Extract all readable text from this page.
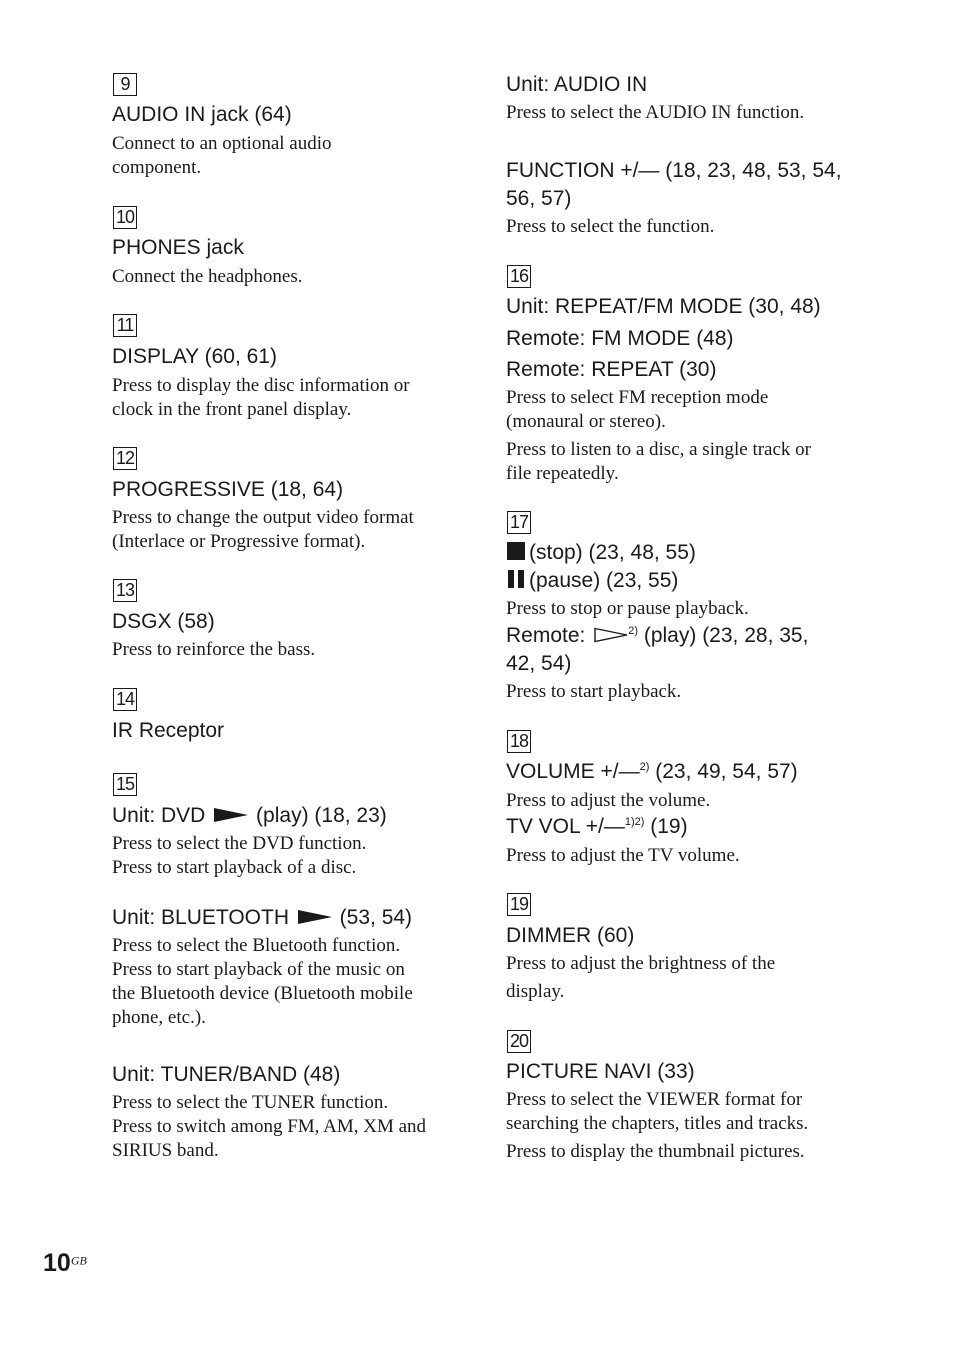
9
AUDIO IN jack (64)
Connect to an optional audio
component.
10
PHONES jack
Connect the headphones.
11
DISPLAY (60, 61)
Press to display the disc information or
clock in the front panel display.
12
PROGRESSIVE (18, 64)
Press to change the output video format
(Interlace or Progressive format).
13
DSGX (58)
Press to reinforce the bass.
14
IR Receptor
15
Unit: DVD (play) (18, 23)
Press to select the DVD function.
Press to start playback of a disc.
Unit: BLUETOOTH (53, 54)
Press to select the Bluetooth function.
Press to start playback of the music on
the Bluetooth device (Bluetooth mobile
phone, etc.).
Unit: TUNER/BAND (48)
Press to select the TUNER function.
Press to switch among FM, AM, XM and
SIRIUS band.
Unit: AUDIO IN
Press to select the AUDIO IN function.
FUNCTION +/— (18, 23, 48, 53, 54,
56, 57)
Press to select the function.
16
Unit: REPEAT/FM MODE (30, 48)
Remote: FM MODE (48)
Remote: REPEAT (30)
Press to select FM reception mode
(monaural or stereo).
Press to listen to a disc, a single track or
file repeatedly.
17
(stop) (23, 48, 55)
(pause) (23, 55)
Press to stop or pause playback.
Remote:	$^{2)}$ (play) (23, 28, 35,
42, 54)
Press to start playback.
18
VOLUME +/—$^{2)}$ (23, 49, 54, 57)
Press to adjust the volume.
TV VOL +/—$^{1)2)}$ (19)
Press to adjust the TV volume.
19
DIMMER (60)
Press to adjust the brightness of the
display.
20
PICTURE NAVI (33)
Press to select the VIEWER format for
searching the chapters, titles and tracks.
Press to display the thumbnail pictures.
$10^{GB}$
